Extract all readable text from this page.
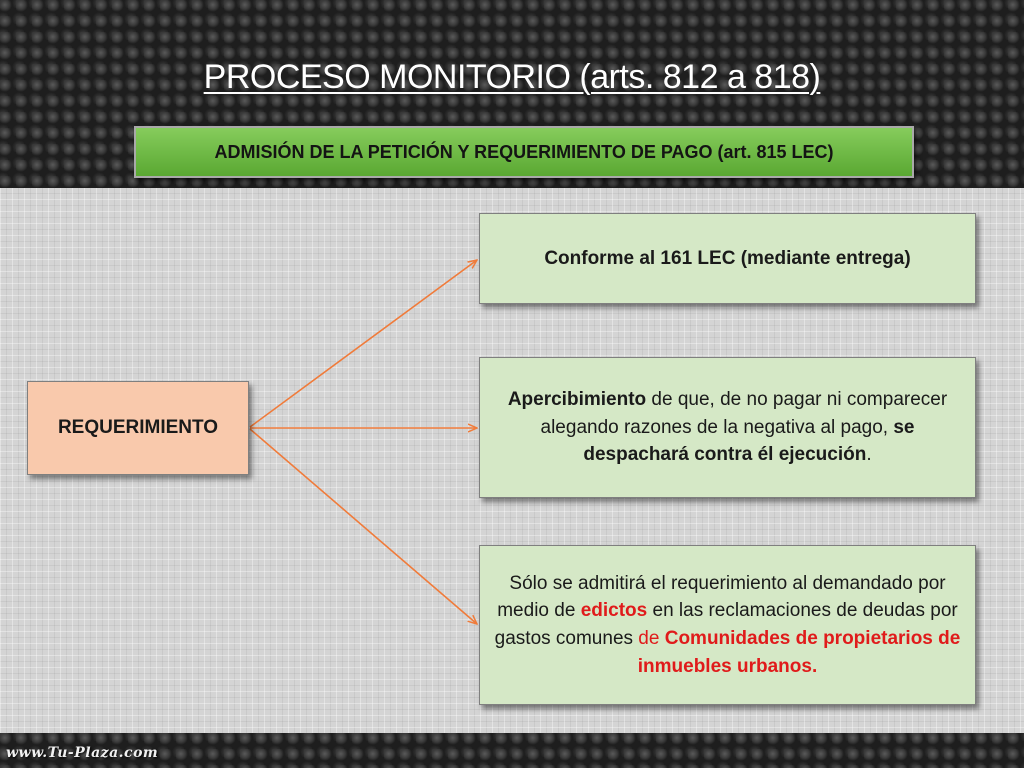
PROCESO MONITORIO (arts. 812 a 818)
ADMISIÓN DE LA PETICIÓN Y REQUERIMIENTO DE PAGO (art. 815 LEC)
REQUERIMIENTO
Conforme al 161 LEC (mediante entrega)
Apercibimiento de que, de no pagar ni comparecer alegando razones de la negativa al pago, se despachará contra él ejecución.
Sólo se admitirá el requerimiento al demandado por medio de edictos en las reclamaciones de deudas por gastos comunes de Comunidades de propietarios de inmuebles urbanos.
www.Tu-Plaza.com
